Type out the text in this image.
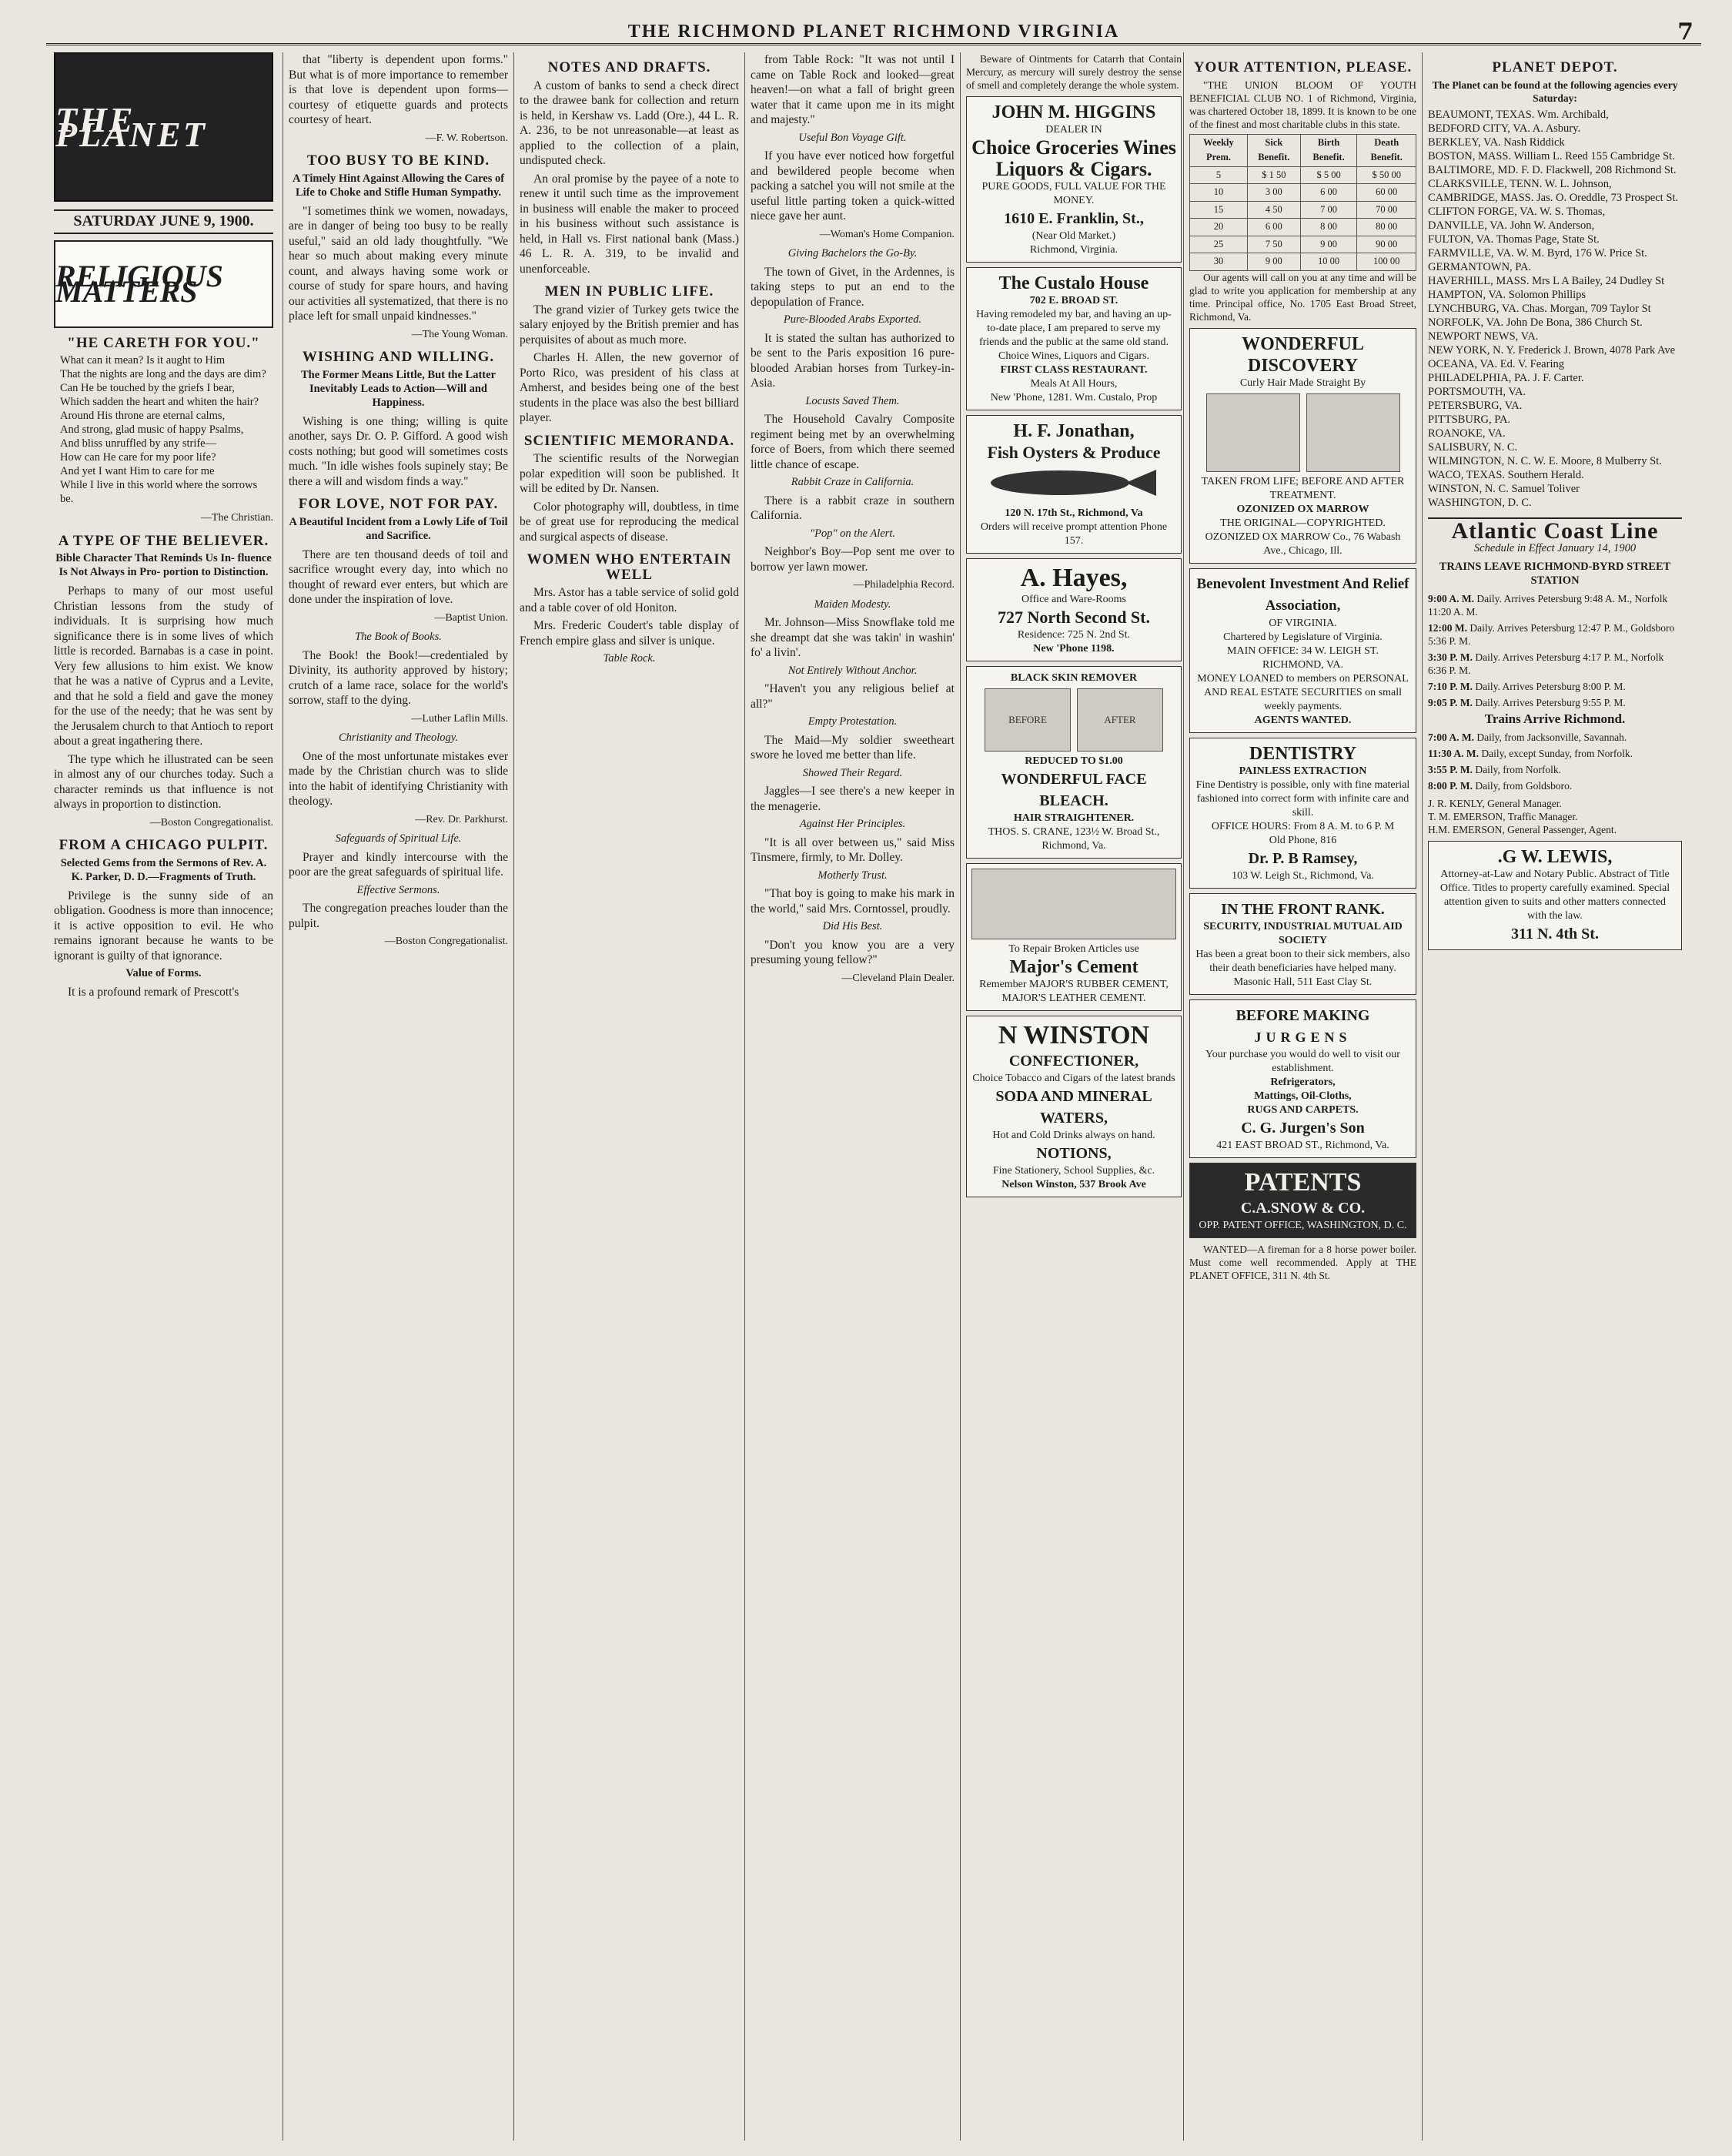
THE RICHMOND PLANET RICHMOND VIRGINIA	7
THE PLANET
SATURDAY JUNE 9, 1900.
RELIGIOUS MATTERS
"HE CARETH FOR YOU."
What can it mean? Is it aught to Him
That the nights are long and the days are dim?
Can He be touched by the griefs I bear,
Which sadden the heart and whiten the hair?
Around His throne are eternal calms,
And strong, glad music of happy Psalms,
And bliss unruffled by any strife—
How can He care for my poor life?
And yet I want Him to care for me
While I live in this world where the sorrows be.
—The Christian.
A TYPE OF THE BELIEVER.
Bible Character That Reminds Us In- fluence Is Not Always in Pro- portion to Distinction.

Perhaps to many of our most useful Christian lessons from the study of individuals. It is surprising how much significance there is in some lives of which little is recorded. Barnabas is a case in point. Very few allusions to him exist. We know that he was a native of Cyprus and a Levite, and that he sold a field and gave the money for the use of the needy; that he was sent by the Jerusalem church to that Antioch to report about a great ingathering there.

The type which he illustrated can be seen in almost any of our churches today. Such a character reminds us that influence is not always in proportion to distinction.

—Boston Congregationalist.
FROM A CHICAGO PULPIT.
Selected Gems from the Sermons of Rev. A. K. Parker, D. D.—Fragments of Truth.

Privilege is the sunny side of an obligation. Goodness is more than innocence; it is active opposition to evil. He who remains ignorant because he wants to be ignorant is guilty of that ignorance.

Value of Forms.

It is a profound remark of Prescott's

that "liberty is dependent upon forms." But what is of more importance to remember is that love is dependent upon forms—courtesy of etiquette guards and protects courtesy of heart.

—F. W. Robertson.
TOO BUSY TO BE KIND.
A Timely Hint Against Allowing the Cares of Life to Choke and Stifle Human Sympathy.

"I sometimes think we women, nowadays, are in danger of being too busy to be really useful," said an old lady thoughtfully. "We hear so much about making every minute count, and always having some work or course of study for spare hours, and having our activities all systematized, that there is no place left for small unpaid kindnesses."

—The Young Woman.
WISHING AND WILLING.
The Former Means Little, But the Latter Inevitably Leads to Action—Will and Happiness.

Wishing is one thing; willing is quite another, says Dr. O. P. Gifford. A good wish costs nothing; but good will sometimes costs much. "In idle wishes fools supinely stay; Be there a will and wisdom finds a way."

FOR LOVE, NOT FOR PAY.
A Beautiful Incident from a Lowly Life of Toil and Sacrifice.

There are ten thousand deeds of toil and sacrifice wrought every day, into which no thought of reward ever enters, but which are done under the inspiration of love.

—Baptist Union.
The Book of Books.

The Book! the Book!—credentialed by Divinity, its authority approved by history; crutch of a lame race, solace for the world's sorrow, staff to the dying.

—Luther Laflin Mills.
Christianity and Theology.

One of the most unfortunate mistakes ever made by the Christian church was to slide into the habit of identifying Christianity with theology.

—Rev. Dr. Parkhurst.
Safeguards of Spiritual Life.

Prayer and kindly intercourse with the poor are the great safeguards of spiritual life.

Effective Sermons.

The congregation preaches louder than the pulpit.

—Boston Congregationalist.
NOTES AND DRAFTS.

A custom of banks to send a check direct to the drawee bank for collection and return is held, in Kershaw vs. Ladd (Ore.), 44 L. R. A. 236, to be not unreasonable—at least as applied to the collection of a plain, undisputed check.

An oral promise by the payee of a note to renew it until such time as the improvement in business will enable the maker to proceed in his business without such assistance is held, in Hall vs. First national bank (Mass.) 46 L. R. A. 319, to be invalid and unenforceable.

MEN IN PUBLIC LIFE.

The grand vizier of Turkey gets twice the salary enjoyed by the British premier and has perquisites of about as much more.

Charles H. Allen, the new governor of Porto Rico, was president of his class at Amherst, and besides being one of the best students in the place was also the best billiard player.

SCIENTIFIC MEMORANDA.

The scientific results of the Norwegian polar expedition will soon be published. It will be edited by Dr. Nansen.

Color photography will, doubtless, in time be of great use for reproducing the medical and surgical aspects of disease.

WOMEN WHO ENTERTAIN WELL

Mrs. Astor has a table service of solid gold and a table cover of old Honiton.

Mrs. Frederic Coudert's table display of French empire glass and silver is unique.

Table Rock.

from Table Rock: "It was not until I came on Table Rock and looked—great heaven!—on what a fall of bright green water that it came upon me in its might and majesty."

Useful Bon Voyage Gift.

If you have ever noticed how forgetful and bewildered people become when packing a satchel you will not smile at the useful little parting token a quick-witted niece gave her aunt.

—Woman's Home Companion.
Giving Bachelors the Go-By.

The town of Givet, in the Ardennes, is taking steps to put an end to the depopulation of France.

Pure-Blooded Arabs Exported.

It is stated the sultan has authorized to be sent to the Paris exposition 16 pure-blooded Arabian horses from Turkey-in-Asia.

Locusts Saved Them.

The Household Cavalry Composite regiment being met by an overwhelming force of Boers, from which there seemed little chance of escape.

Rabbit Craze in California.

There is a rabbit craze in southern California.

"Pop" on the Alert.

Neighbor's Boy—Pop sent me over to borrow yer lawn mower.

—Philadelphia Record.
Maiden Modesty.

Mr. Johnson—Miss Snowflake told me she dreampt dat she was takin' in washin' fo' a livin'.

Not Entirely Without Anchor.

"Haven't you any religious belief at all?"

Empty Protestation.

The Maid—My soldier sweetheart swore he loved me better than life.

Showed Their Regard.

Jaggles—I see there's a new keeper in the menagerie.

Against Her Principles.

"It is all over between us," said Miss Tinsmere, firmly, to Mr. Dolley.

Motherly Trust.

"That boy is going to make his mark in the world," said Mrs. Corntossel, proudly.

Did His Best.

"Don't you know you are a very presuming young fellow?"

—Cleveland Plain Dealer.

Beware of Ointments for Catarrh that Contain Mercury, as mercury will surely destroy the sense of smell and completely derange the whole system.

JOHN M. HIGGINS
DEALER IN
Choice Groceries Wines Liquors & Cigars.
PURE GOODS, FULL VALUE FOR THE MONEY.
1610 E. Franklin, St.,
(Near Old Market.)
Richmond, Virginia.
The Custalo House
702 E. BROAD ST.
Having remodeled my bar, and having an up-to-date place, I am prepared to serve my friends and the public at the same old stand. Choice Wines, Liquors and Cigars.
FIRST CLASS RESTAURANT.
Meals At All Hours,
New 'Phone, 1281. Wm. Custalo, Prop
H. F. Jonathan,
Fish Oysters & Produce
120 N. 17th St., Richmond, Va
Orders will receive prompt attention Phone 157.
A. Hayes,
Office and Ware-Rooms
727 North Second St.
Residence: 725 N. 2nd St.
New 'Phone 1198.
BLACK SKIN REMOVER
BEFORE	AFTER
REDUCED TO $1.00
WONDERFUL FACE BLEACH.
HAIR STRAIGHTENER.
THOS. S. CRANE, 123½ W. Broad St., Richmond, Va.
To Repair Broken Articles use
Major's Cement
Remember MAJOR'S RUBBER CEMENT, MAJOR'S LEATHER CEMENT.
N WINSTON
CONFECTIONER,
Choice Tobacco and Cigars of the latest brands
SODA AND MINERAL WATERS,
Hot and Cold Drinks always on hand.
NOTIONS,
Fine Stationery, School Supplies, &c.
Nelson Winston, 537 Brook Ave
YOUR ATTENTION, PLEASE.

"THE UNION BLOOM OF YOUTH BENEFICIAL CLUB NO. 1 of Richmond, Virginia, was chartered October 18, 1899. It is known to be one of the finest and most charitable clubs in this state.

Weekly Prem.	Sick Benefit.	Birth Benefit.	Death Benefit.
5	$ 1 50	$ 5 00	$ 50 00
10	3 00	6 00	60 00
15	4 50	7 00	70 00
20	6 00	8 00	80 00
25	7 50	9 00	90 00
30	9 00	10 00	100 00

Our agents will call on you at any time and will be glad to write you application for membership at any time. Principal office, No. 1705 East Broad Street, Richmond, Va.

WONDERFUL DISCOVERY
Curly Hair Made Straight By
TAKEN FROM LIFE; BEFORE AND AFTER TREATMENT.
OZONIZED OX MARROW
THE ORIGINAL—COPYRIGHTED.
OZONIZED OX MARROW Co., 76 Wabash Ave., Chicago, Ill.
Benevolent Investment And Relief Association,
OF VIRGINIA.
Chartered by Legislature of Virginia.
MAIN OFFICE: 34 W. LEIGH ST.
RICHMOND, VA.
MONEY LOANED to members on PERSONAL AND REAL ESTATE SECURITIES on small weekly payments.
AGENTS WANTED.
DENTISTRY
PAINLESS EXTRACTION
Fine Dentistry is possible, only with fine material fashioned into correct form with infinite care and skill.
OFFICE HOURS: From 8 A. M. to 6 P. M
Old Phone, 816
Dr. P. B Ramsey,
103 W. Leigh St., Richmond, Va.
IN THE FRONT RANK.
SECURITY, INDUSTRIAL MUTUAL AID SOCIETY
Has been a great boon to their sick members, also their death beneficiaries have helped many.
Masonic Hall, 511 East Clay St.
BEFORE MAKING
JURGENS
Your purchase you would do well to visit our establishment.
Refrigerators,
Mattings, Oil-Cloths,
RUGS AND CARPETS.
C. G. Jurgen's Son
421 EAST BROAD ST., Richmond, Va.
PATENTS
C.A.SNOW & CO.
OPP. PATENT OFFICE, WASHINGTON, D. C.

WANTED—A fireman for a 8 horse power boiler. Must come well recommended. Apply at THE PLANET OFFICE, 311 N. 4th St.

PLANET DEPOT.
The Planet can be found at the following agencies every Saturday:
BEAUMONT, TEXAS. Wm. Archibald,
BEDFORD CITY, VA. A. Asbury.
BERKLEY, VA. Nash Riddick
BOSTON, MASS. William L. Reed 155 Cambridge St.
BALTIMORE, MD. F. D. Flackwell, 208 Richmond St.
CLARKSVILLE, TENN. W. L. Johnson,
CAMBRIDGE, MASS. Jas. O. Oreddle, 73 Prospect St.
CLIFTON FORGE, VA. W. S. Thomas,
DANVILLE, VA. John W. Anderson,
FULTON, VA. Thomas Page, State St.
FARMVILLE, VA. W. M. Byrd, 176 W. Price St.
GERMANTOWN, PA.
HAVERHILL, MASS. Mrs L A Bailey, 24 Dudley St
HAMPTON, VA. Solomon Phillips
LYNCHBURG, VA. Chas. Morgan, 709 Taylor St
NORFOLK, VA. John De Bona, 386 Church St.
NEWPORT NEWS, VA.
NEW YORK, N. Y. Frederick J. Brown, 4078 Park Ave
OCEANA, VA. Ed. V. Fearing
PHILADELPHIA, PA. J. F. Carter.
PORTSMOUTH, VA.
PETERSBURG, VA.
PITTSBURG, PA.
ROANOKE, VA.
SALISBURY, N. C.
WILMINGTON, N. C. W. E. Moore, 8 Mulberry St.
WACO, TEXAS. Southern Herald.
WINSTON, N. C. Samuel Toliver
WASHINGTON, D. C.
Atlantic Coast Line
Schedule in Effect January 14, 1900
TRAINS LEAVE RICHMOND-BYRD STREET STATION
9:00 A. M. Daily. Arrives Petersburg 9:48 A. M., Norfolk 11:20 A. M.
12:00 M. Daily. Arrives Petersburg 12:47 P. M., Goldsboro 5:36 P. M.
3:30 P. M. Daily. Arrives Petersburg 4:17 P. M., Norfolk 6:36 P. M.
7:10 P. M. Daily. Arrives Petersburg 8:00 P. M.
9:05 P. M. Daily. Arrives Petersburg 9:55 P. M.
Trains Arrive Richmond.
7:00 A. M. Daily, from Jacksonville, Savannah.
11:30 A. M. Daily, except Sunday, from Norfolk.
3:55 P. M. Daily, from Norfolk.
8:00 P. M. Daily, from Goldsboro.
J. R. KENLY, General Manager.
T. M. EMERSON, Traffic Manager.
H.M. EMERSON, General Passenger, Agent.
.G W. LEWIS,
Attorney-at-Law and Notary Public. Abstract of Title Office. Titles to property carefully examined. Special attention given to suits and other matters connected with the law.
311 N. 4th St.
